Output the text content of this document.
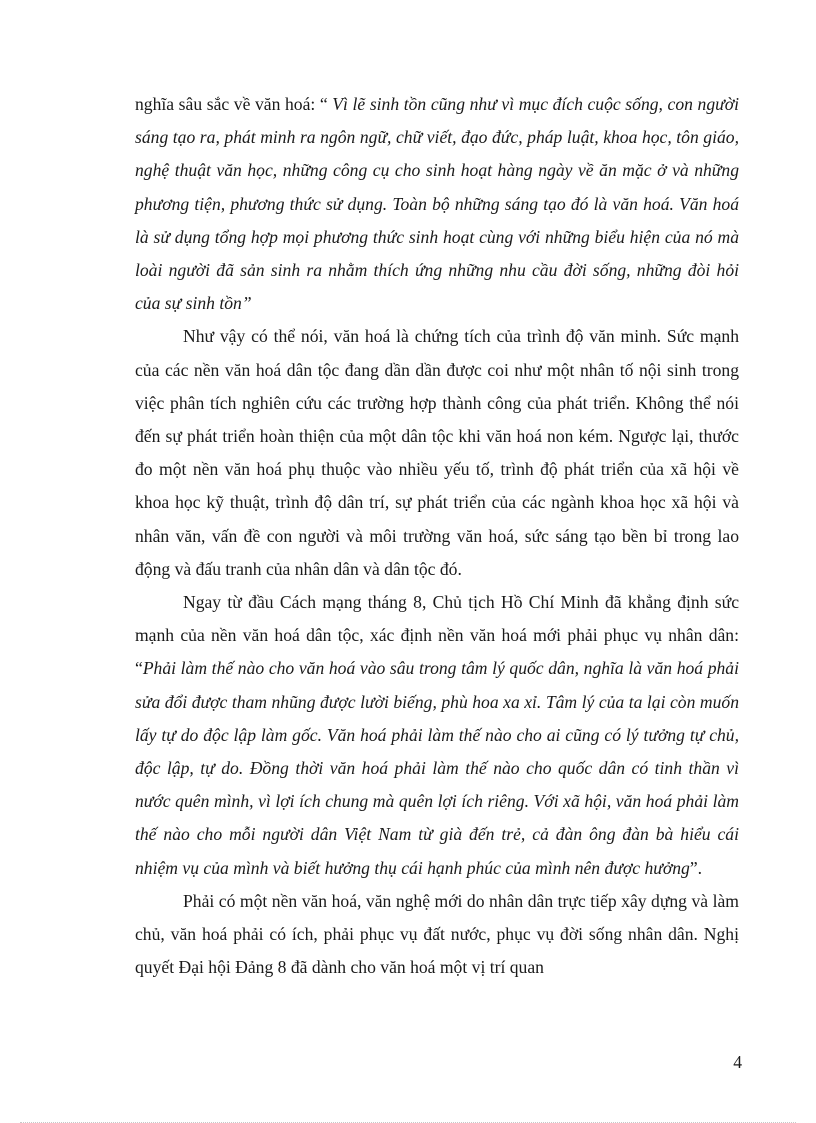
nghĩa sâu sắc về văn hoá: “ Vì lẽ sinh tồn cũng như vì mục đích cuộc sống, con người sáng tạo ra, phát minh ra ngôn ngữ, chữ viết, đạo đức, pháp luật, khoa học, tôn giáo, nghệ thuật văn học, những công cụ cho sinh hoạt hàng ngày về ăn mặc ở và những phương tiện, phương thức sử dụng. Toàn bộ những sáng tạo đó là văn hoá. Văn hoá là sử dụng tổng hợp mọi phương thức sinh hoạt cùng với những biểu hiện của nó mà loài người đã sản sinh ra nhằm thích ứng những nhu cầu đời sống, những đòi hỏi của sự sinh tồn”

Như vậy có thể nói, văn hoá là chứng tích của trình độ văn minh. Sức mạnh của các nền văn hoá dân tộc đang dần dần được coi như một nhân tố nội sinh trong việc phân tích nghiên cứu các trường hợp thành công của phát triển. Không thể nói đến sự phát triển hoàn thiện của một dân tộc khi văn hoá non kém. Ngược lại, thước đo một nền văn hoá phụ thuộc vào nhiều yếu tố, trình độ phát triển của xã hội về khoa học kỹ thuật, trình độ dân trí, sự phát triển của các ngành khoa học xã hội và nhân văn, vấn đề con người và môi trường văn hoá, sức sáng tạo bền bỉ trong lao động và đấu tranh của nhân dân và dân tộc đó.

Ngay từ đầu Cách mạng tháng 8, Chủ tịch Hồ Chí Minh đã khẳng định sức mạnh của nền văn hoá dân tộc, xác định nền văn hoá mới phải phục vụ nhân dân: “Phải làm thế nào cho văn hoá vào sâu trong tâm lý quốc dân, nghĩa là văn hoá phải sửa đổi được tham nhũng được lười biếng, phù hoa xa xỉ. Tâm lý của ta lại còn muốn lấy tự do độc lập làm gốc. Văn hoá phải làm thế nào cho ai cũng có lý tưởng tự chủ, độc lập, tự do. Đồng thời văn hoá phải làm thế nào cho quốc dân có tinh thần vì nước quên mình, vì lợi ích chung mà quên lợi ích riêng. Với xã hội, văn hoá phải làm thế nào cho mỗi người dân Việt Nam từ già đến trẻ, cả đàn ông đàn bà hiểu cái nhiệm vụ của mình và biết hưởng thụ cái hạnh phúc của mình nên được hưởng”.

Phải có một nền văn hoá, văn nghệ mới do nhân dân trực tiếp xây dựng và làm chủ, văn hoá phải có ích, phải phục vụ đất nước, phục vụ đời sống nhân dân. Nghị quyết Đại hội Đảng 8 đã dành cho văn hoá một vị trí quan

4
